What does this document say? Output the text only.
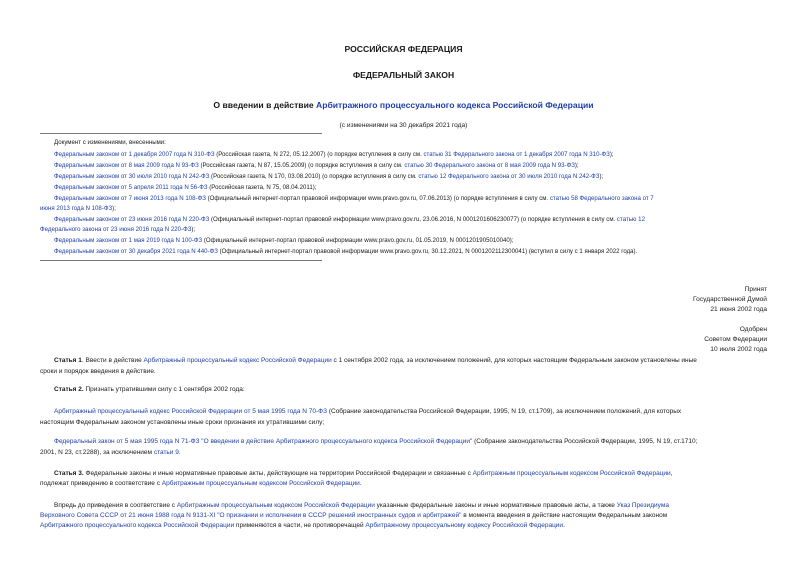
РОССИЙСКАЯ ФЕДЕРАЦИЯ
ФЕДЕРАЛЬНЫЙ ЗАКОН
О введении в действие Арбитражного процессуального кодекса Российской Федерации
(с изменениями на 30 декабря 2021 года)
Документ с изменениями, внесенными:
Федеральным законом от 1 декабря 2007 года N 310-ФЗ (Российская газета, N 272, 05.12.2007) (о порядке вступления в силу см. статью 31 Федерального закона от 1 декабря 2007 года N 310-ФЗ);
Федеральным законом от 8 мая 2009 года N 93-ФЗ (Российская газета, N 87, 15.05.2009) (о порядке вступления в силу см. статью 30 Федерального закона от 8 мая 2009 года N 93-ФЗ);
Федеральным законом от 30 июля 2010 года N 242-ФЗ (Российская газета, N 170, 03.08.2010) (о порядке вступления в силу см. статью 12 Федерального закона от 30 июля 2010 года N 242-ФЗ);
Федеральным законом от 5 апреля 2011 года N 56-ФЗ (Российская газета, N 75, 08.04.2011);
Федеральным законом от 7 июня 2013 года N 108-ФЗ (Официальный интернет-портал правовой информации www.pravo.gov.ru, 07.06.2013) (о порядке вступления в силу см. статью 58 Федерального закона от 7
июня 2013 года N 108-ФЗ);
Федеральным законом от 23 июня 2016 года N 220-ФЗ (Официальный интернет-портал правовой информации www.pravo.gov.ru, 23.06.2016, N 0001201606230077) (о порядке вступления в силу см. статью 12
Федерального закона от 23 июня 2016 года N 220-ФЗ);
Федеральным законом от 1 мая 2019 года N 100-ФЗ (Официальный интернет-портал правовой информации www.pravo.gov.ru, 01.05.2019, N 0001201905010040);
Федеральным законом от 30 декабря 2021 года N 440-ФЗ (Официальный интернет-портал правовой информации www.pravo.gov.ru, 30.12.2021, N 0001202112300041) (вступил в силу с 1 января 2022 года).
Принят
Государственной Думой
21 июня 2002 года
Одобрен
Советом Федерации
10 июля 2002 года
Статья 1. Ввести в действие Арбитражный процессуальный кодекс Российской Федерации с 1 сентября 2002 года, за исключением положений, для которых настоящим Федеральным законом установлены иные
сроки и порядок введения в действие.
Статья 2. Признать утратившими силу с 1 сентября 2002 года:
Арбитражный процессуальный кодекс Российской Федерации от 5 мая 1995 года N 70-ФЗ (Собрание законодательства Российской Федерации, 1995, N 19, ст.1709), за исключением положений, для которых
настоящим Федеральным законом установлены иные сроки признания их утратившими силу;
Федеральный закон от 5 мая 1995 года N 71-ФЗ "О введении в действие Арбитражного процессуального кодекса Российской Федерации" (Собрание законодательства Российской Федерации, 1995, N 19, ст.1710;
2001, N 23, ст.2288), за исключением статьи 9.
Статья 3. Федеральные законы и иные нормативные правовые акты, действующие на территории Российской Федерации и связанные с Арбитражным процессуальным кодексом Российской Федерации,
подлежат приведению в соответствие с Арбитражным процессуальным кодексом Российской Федерации.
Впредь до приведения в соответствие с Арбитражным процессуальным кодексом Российской Федерации указанные федеральные законы и иные нормативные правовые акты, а также Указ Президиума
Верховного Совета СССР от 21 июня 1988 года N 9131-XI "О признании и исполнении в СССР решений иностранных судов и арбитражей" в момента введения в действие настоящим Федеральным законом
Арбитражного процессуального кодекса Российской Федерации применяются в части, не противоречащей Арбитражному процессуальному кодексу Российской Федерации.
